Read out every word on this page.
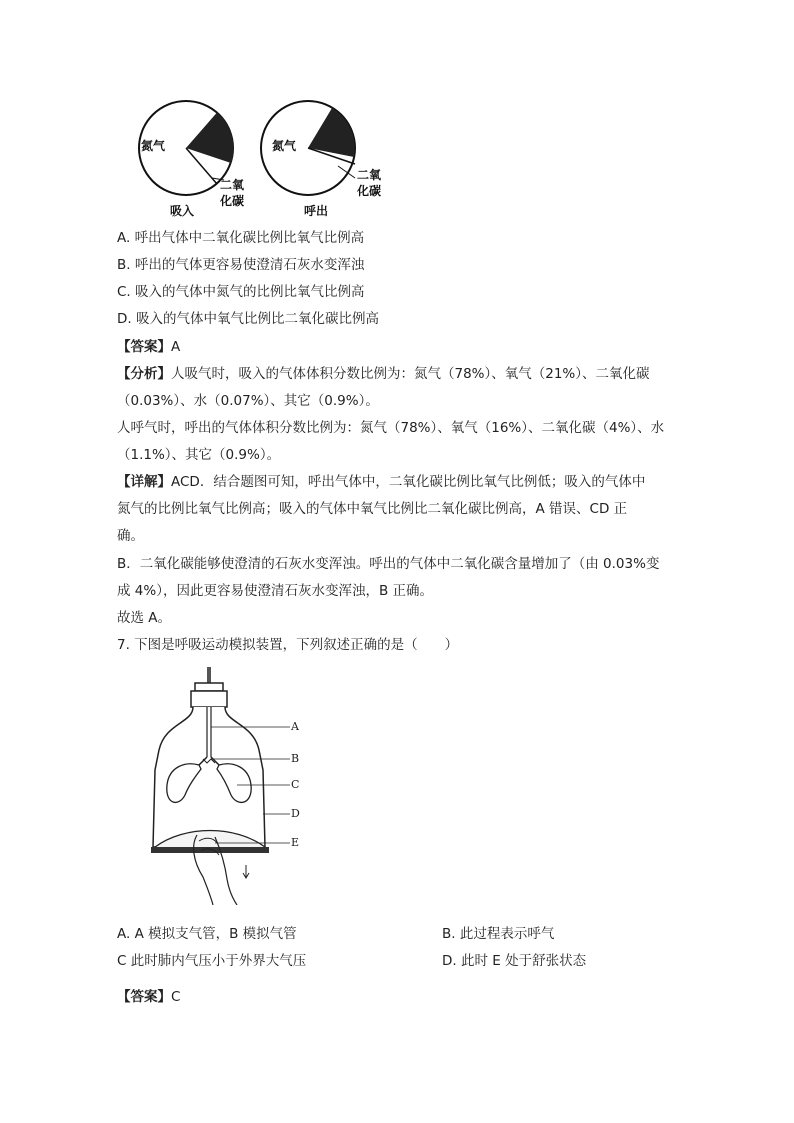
氮气
二氧化碳
吸入
氮气
二氧化碳
呼出
A. 呼出气体中二氧化碳比例比氧气比例高
B. 呼出的气体更容易使澄清石灰水变浑浊
C. 吸入的气体中氮气的比例比氧气比例高
D. 吸入的气体中氧气比例比二氧化碳比例高
【答案】A
【分析】人吸气时，吸入的气体体积分数比例为：氮气（78%）、氧气（21%）、二氧化碳
（0.03%）、水（0.07%）、其它（0.9%）。
人呼气时，呼出的气体体积分数比例为：氮气（78%）、氧气（16%）、二氧化碳（4%）、水
（1.1%）、其它（0.9%）。
【详解】ACD．结合题图可知，呼出气体中，二氧化碳比例比氧气比例低；吸入的气体中
氮气的比例比氧气比例高；吸入的气体中氧气比例比二氧化碳比例高，A 错误、CD 正
确。
B．二氧化碳能够使澄清的石灰水变浑浊。呼出的气体中二氧化碳含量增加了（由 0.03%变
成 4%），因此更容易使澄清石灰水变浑浊，B 正确。
故选 A。
7. 下图是呼吸运动模拟装置，下列叙述正确的是（　　）
A
B
C
D
E
A. A 模拟支气管，B 模拟气管	B. 此过程表示呼气
C 此时肺内气压小于外界大气压	D. 此时 E 处于舒张状态
【答案】C
